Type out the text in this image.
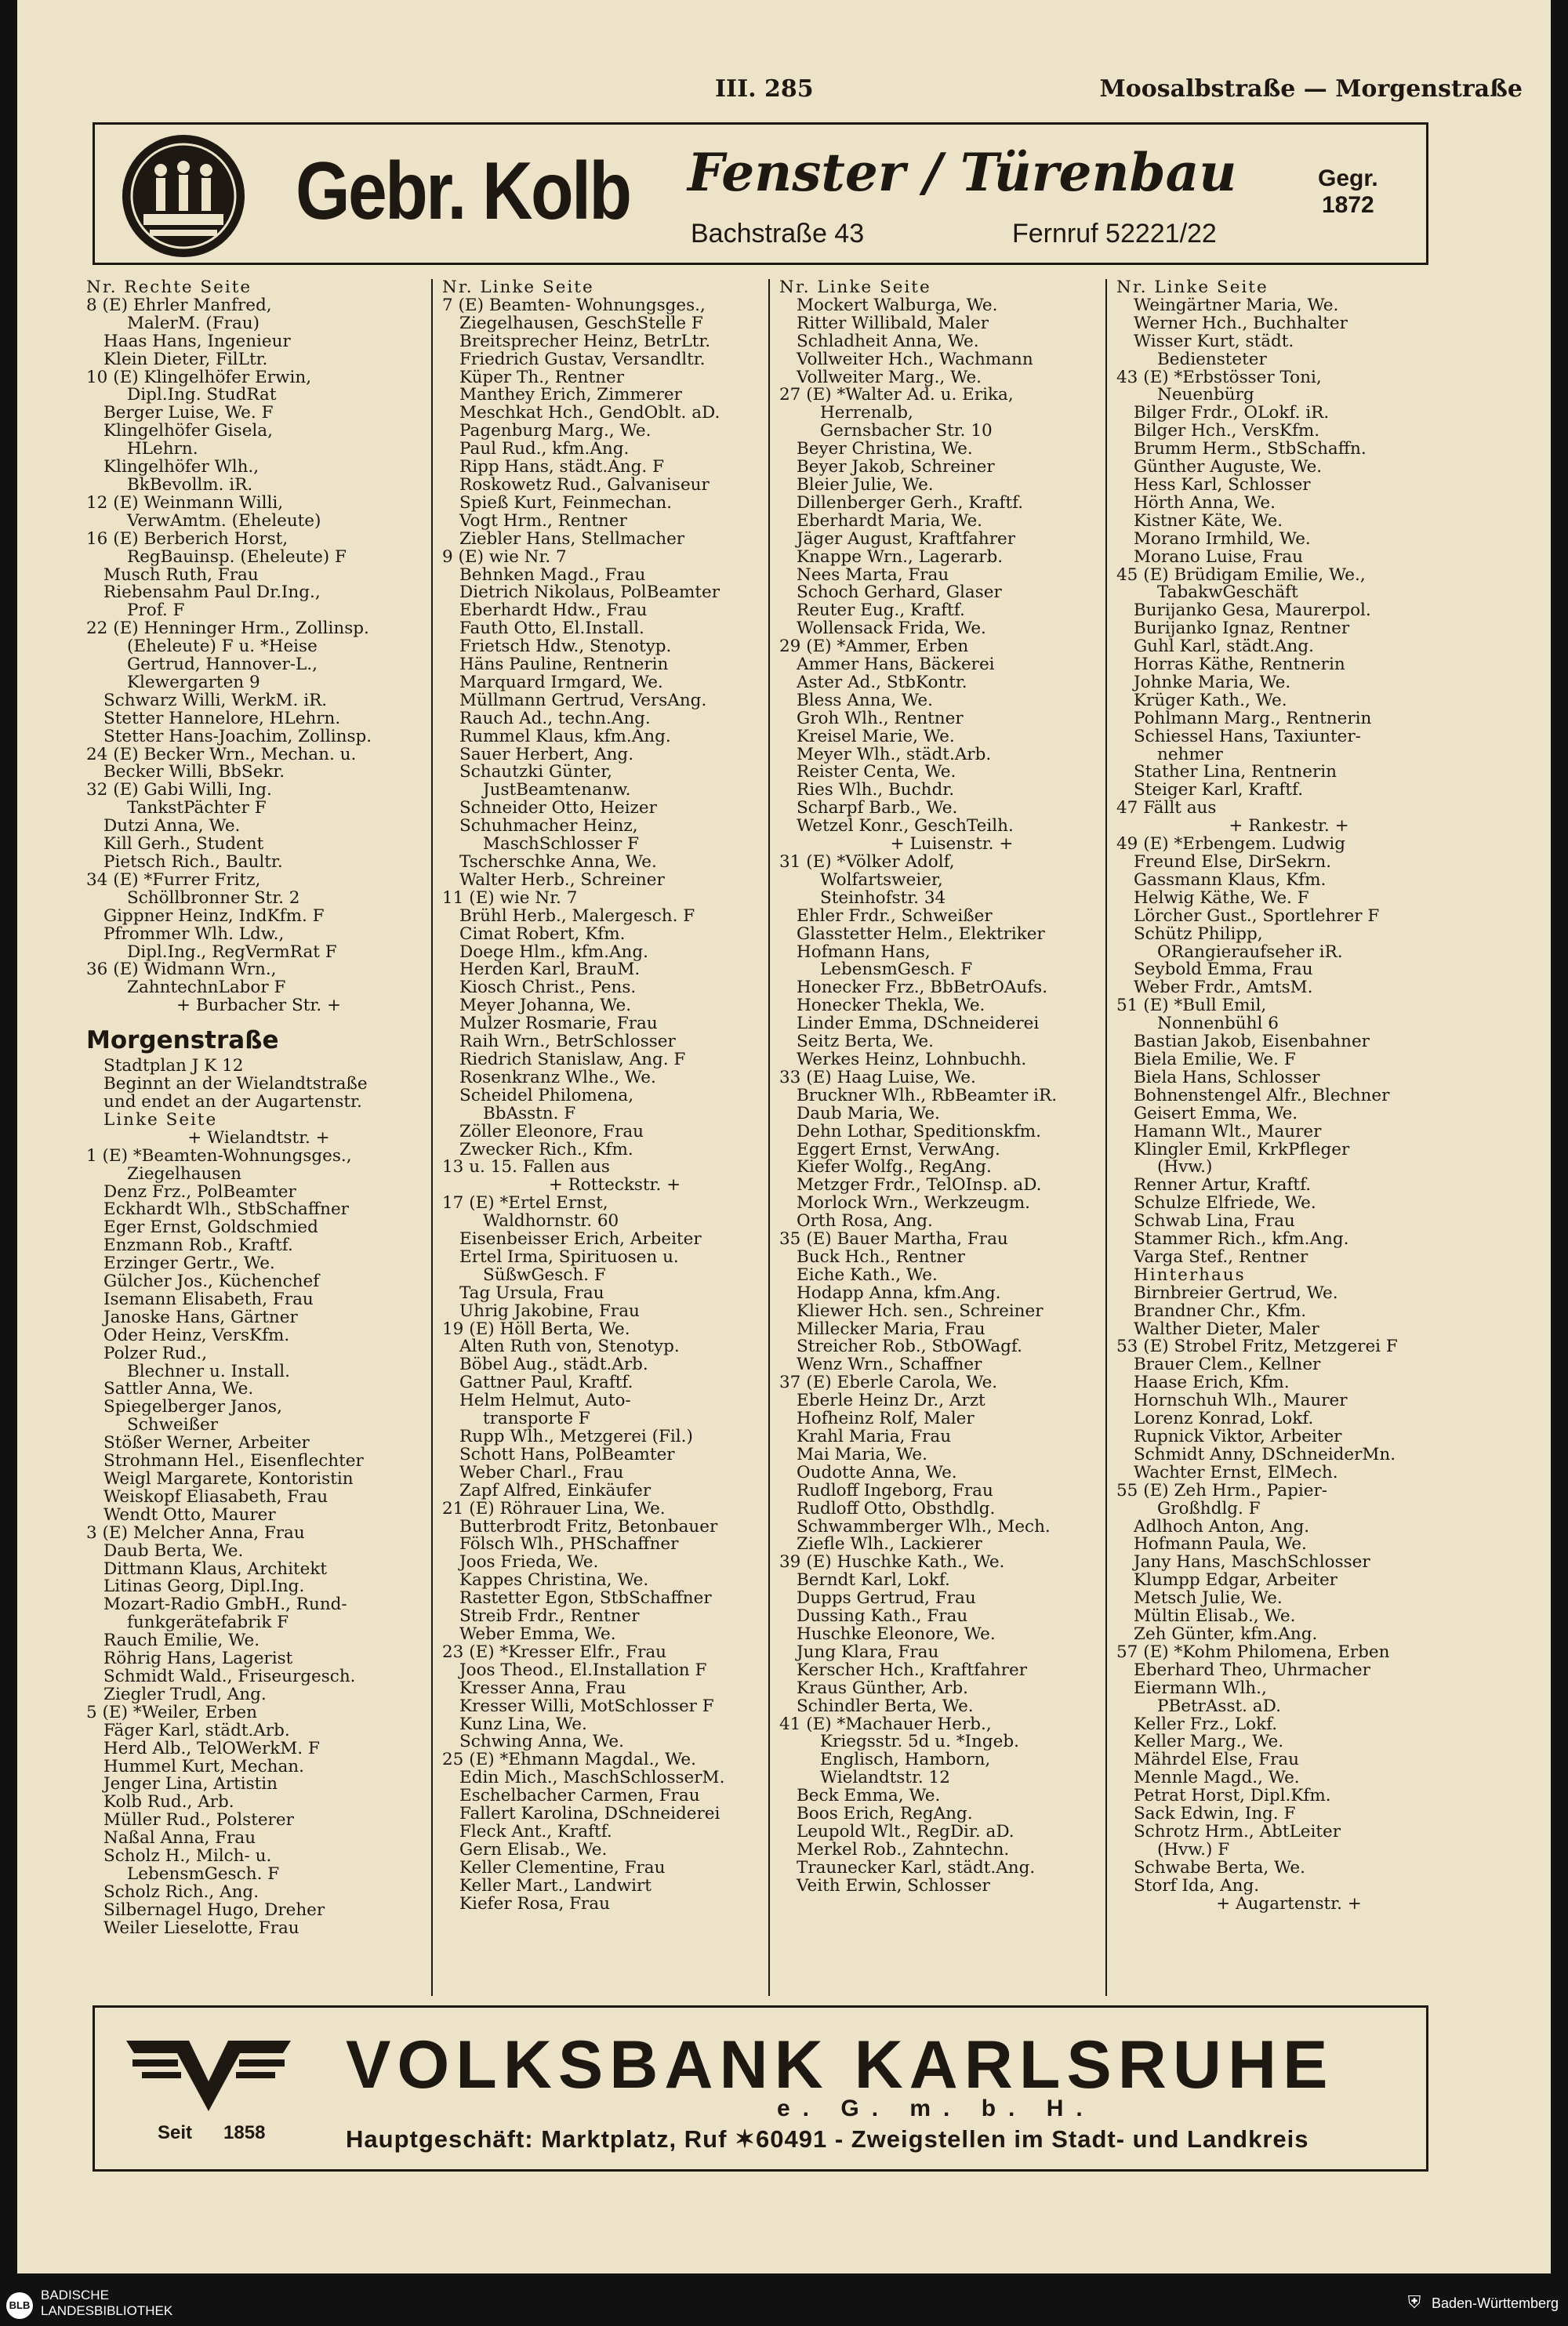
III. 285	Moosalbstraße — Morgenstraße
Gebr. Kolb Fenster / Türenbau
Bachstraße 43	Fernruf 52221/22
Gegr.
1872
Nr. Rechte Seite
8 (E) Ehrler Manfred,
MalerM. (Frau)
Haas Hans, Ingenieur
Klein Dieter, FilLtr.
10 (E) Klingelhöfer Erwin,
Dipl.Ing. StudRat
Berger Luise, We. F
Klingelhöfer Gisela,
HLehrn.
Klingelhöfer Wlh.,
BkBevollm. iR.
12 (E) Weinmann Willi,
VerwAmtm. (Eheleute)
16 (E) Berberich Horst,
RegBauinsp. (Eheleute) F
Musch Ruth, Frau
Riebensahm Paul Dr.Ing.,
Prof. F
22 (E) Henninger Hrm., Zollinsp.
(Eheleute) F u. *Heise
Gertrud, Hannover-L.,
Klewergarten 9
Schwarz Willi, WerkM. iR.
Stetter Hannelore, HLehrn.
Stetter Hans-Joachim, Zollinsp.
24 (E) Becker Wrn., Mechan. u.
Becker Willi, BbSekr.
32 (E) Gabi Willi, Ing.
TankstPächter F
Dutzi Anna, We.
Kill Gerh., Student
Pietsch Rich., Baultr.
34 (E) *Furrer Fritz,
Schöllbronner Str. 2
Gippner Heinz, IndKfm. F
Pfrommer Wlh. Ldw.,
Dipl.Ing., RegVermRat F
36 (E) Widmann Wrn.,
ZahntechnLabor F
+ Burbacher Str. +
Morgenstraße
Stadtplan J K 12
Beginnt an der Wielandtstraße
und endet an der Augartenstr.
Linke Seite
+ Wielandtstr. +
1 (E) *Beamten-Wohnungsges.,
Ziegelhausen
Denz Frz., PolBeamter
Eckhardt Wlh., StbSchaffner
Eger Ernst, Goldschmied
Enzmann Rob., Kraftf.
Erzinger Gertr., We.
Gülcher Jos., Küchenchef
Isemann Elisabeth, Frau
Janoske Hans, Gärtner
Oder Heinz, VersKfm.
Polzer Rud.,
Blechner u. Install.
Sattler Anna, We.
Spiegelberger Janos,
Schweißer
Stößer Werner, Arbeiter
Strohmann Hel., Eisenflechter
Weigl Margarete, Kontoristin
Weiskopf Eliasabeth, Frau
Wendt Otto, Maurer
3 (E) Melcher Anna, Frau
Daub Berta, We.
Dittmann Klaus, Architekt
Litinas Georg, Dipl.Ing.
Mozart-Radio GmbH., Rund-
funkgerätefabrik F
Rauch Emilie, We.
Röhrig Hans, Lagerist
Schmidt Wald., Friseurgesch.
Ziegler Trudl, Ang.
5 (E) *Weiler, Erben
Fäger Karl, städt.Arb.
Herd Alb., TelOWerkM. F
Hummel Kurt, Mechan.
Jenger Lina, Artistin
Kolb Rud., Arb.
Müller Rud., Polsterer
Naßal Anna, Frau
Scholz H., Milch- u.
LebensmGesch. F
Scholz Rich., Ang.
Silbernagel Hugo, Dreher
Weiler Lieselotte, Frau
Nr. Linke Seite
7 (E) Beamten- Wohnungsges.,
Ziegelhausen, GeschStelle F
Breitsprecher Heinz, BetrLtr.
Friedrich Gustav, Versandltr.
Küper Th., Rentner
Manthey Erich, Zimmerer
Meschkat Hch., GendOblt. aD.
Pagenburg Marg., We.
Paul Rud., kfm.Ang.
Ripp Hans, städt.Ang. F
Roskowetz Rud., Galvaniseur
Spieß Kurt, Feinmechan.
Vogt Hrm., Rentner
Ziebler Hans, Stellmacher
9 (E) wie Nr. 7
Behnken Magd., Frau
Dietrich Nikolaus, PolBeamter
Eberhardt Hdw., Frau
Fauth Otto, El.Install.
Frietsch Hdw., Stenotyp.
Häns Pauline, Rentnerin
Marquard Irmgard, We.
Müllmann Gertrud, VersAng.
Rauch Ad., techn.Ang.
Rummel Klaus, kfm.Ang.
Sauer Herbert, Ang.
Schautzki Günter,
JustBeamtenanw.
Schneider Otto, Heizer
Schuhmacher Heinz,
MaschSchlosser F
Tscherschke Anna, We.
Walter Herb., Schreiner
11 (E) wie Nr. 7
Brühl Herb., Malergesch. F
Cimat Robert, Kfm.
Doege Hlm., kfm.Ang.
Herden Karl, BrauM.
Kiosch Christ., Pens.
Meyer Johanna, We.
Mulzer Rosmarie, Frau
Raih Wrn., BetrSchlosser
Riedrich Stanislaw, Ang. F
Rosenkranz Wlhe., We.
Scheidel Philomena,
BbAsstn. F
Zöller Eleonore, Frau
Zwecker Rich., Kfm.
13 u. 15. Fallen aus
+ Rotteckstr. +
17 (E) *Ertel Ernst,
Waldhornstr. 60
Eisenbeisser Erich, Arbeiter
Ertel Irma, Spirituosen u.
SüßwGesch. F
Tag Ursula, Frau
Uhrig Jakobine, Frau
19 (E) Höll Berta, We.
Alten Ruth von, Stenotyp.
Böbel Aug., städt.Arb.
Gattner Paul, Kraftf.
Helm Helmut, Auto-
transporte F
Rupp Wlh., Metzgerei (Fil.)
Schott Hans, PolBeamter
Weber Charl., Frau
Zapf Alfred, Einkäufer
21 (E) Röhrauer Lina, We.
Butterbrodt Fritz, Betonbauer
Fölsch Wlh., PHSchaffner
Joos Frieda, We.
Kappes Christina, We.
Rastetter Egon, StbSchaffner
Streib Frdr., Rentner
Weber Emma, We.
23 (E) *Kresser Elfr., Frau
Joos Theod., El.Installation F
Kresser Anna, Frau
Kresser Willi, MotSchlosser F
Kunz Lina, We.
Schwing Anna, We.
25 (E) *Ehmann Magdal., We.
Edin Mich., MaschSchlosserM.
Eschelbacher Carmen, Frau
Fallert Karolina, DSchneiderei
Fleck Ant., Kraftf.
Gern Elisab., We.
Keller Clementine, Frau
Keller Mart., Landwirt
Kiefer Rosa, Frau
Nr. Linke Seite
Mockert Walburga, We.
Ritter Willibald, Maler
Schladheit Anna, We.
Vollweiter Hch., Wachmann
Vollweiter Marg., We.
27 (E) *Walter Ad. u. Erika,
Herrenalb,
Gernsbacher Str. 10
Beyer Christina, We.
Beyer Jakob, Schreiner
Bleier Julie, We.
Dillenberger Gerh., Kraftf.
Eberhardt Maria, We.
Jäger August, Kraftfahrer
Knappe Wrn., Lagerarb.
Nees Marta, Frau
Schoch Gerhard, Glaser
Reuter Eug., Kraftf.
Wollensack Frida, We.
29 (E) *Ammer, Erben
Ammer Hans, Bäckerei
Aster Ad., StbKontr.
Bless Anna, We.
Groh Wlh., Rentner
Kreisel Marie, We.
Meyer Wlh., städt.Arb.
Reister Centa, We.
Ries Wlh., Buchdr.
Scharpf Barb., We.
Wetzel Konr., GeschTeilh.
+ Luisenstr. +
31 (E) *Völker Adolf,
Wolfartsweier,
Steinhofstr. 34
Ehler Frdr., Schweißer
Glasstetter Helm., Elektriker
Hofmann Hans,
LebensmGesch. F
Honecker Frz., BbBetrOAufs.
Honecker Thekla, We.
Linder Emma, DSchneiderei
Seitz Berta, We.
Werkes Heinz, Lohnbuchh.
33 (E) Haag Luise, We.
Bruckner Wlh., RbBeamter iR.
Daub Maria, We.
Dehn Lothar, Speditionskfm.
Eggert Ernst, VerwAng.
Kiefer Wolfg., RegAng.
Metzger Frdr., TelOInsp. aD.
Morlock Wrn., Werkzeugm.
Orth Rosa, Ang.
35 (E) Bauer Martha, Frau
Buck Hch., Rentner
Eiche Kath., We.
Hodapp Anna, kfm.Ang.
Kliewer Hch. sen., Schreiner
Millecker Maria, Frau
Streicher Rob., StbOWagf.
Wenz Wrn., Schaffner
37 (E) Eberle Carola, We.
Eberle Heinz Dr., Arzt
Hofheinz Rolf, Maler
Krahl Maria, Frau
Mai Maria, We.
Oudotte Anna, We.
Rudloff Ingeborg, Frau
Rudloff Otto, Obsthdlg.
Schwammberger Wlh., Mech.
Ziefle Wlh., Lackierer
39 (E) Huschke Kath., We.
Berndt Karl, Lokf.
Dupps Gertrud, Frau
Dussing Kath., Frau
Huschke Eleonore, We.
Jung Klara, Frau
Kerscher Hch., Kraftfahrer
Kraus Günther, Arb.
Schindler Berta, We.
41 (E) *Machauer Herb.,
Kriegsstr. 5d u. *Ingeb.
Englisch, Hamborn,
Wielandtstr. 12
Beck Emma, We.
Boos Erich, RegAng.
Leupold Wlt., RegDir. aD.
Merkel Rob., Zahntechn.
Traunecker Karl, städt.Ang.
Veith Erwin, Schlosser
Nr. Linke Seite
Weingärtner Maria, We.
Werner Hch., Buchhalter
Wisser Kurt, städt.
Bediensteter
43 (E) *Erbstösser Toni,
Neuenbürg
Bilger Frdr., OLokf. iR.
Bilger Hch., VersKfm.
Brumm Herm., StbSchaffn.
Günther Auguste, We.
Hess Karl, Schlosser
Hörth Anna, We.
Kistner Käte, We.
Morano Irmhild, We.
Morano Luise, Frau
45 (E) Brüdigam Emilie, We.,
TabakwGeschäft
Burijanko Gesa, Maurerpol.
Burijanko Ignaz, Rentner
Guhl Karl, städt.Ang.
Horras Käthe, Rentnerin
Johnke Maria, We.
Krüger Kath., We.
Pohlmann Marg., Rentnerin
Schiessel Hans, Taxiunter-
nehmer
Stather Lina, Rentnerin
Steiger Karl, Kraftf.
47 Fällt aus
+ Rankestr. +
49 (E) *Erbengem. Ludwig
Freund Else, DirSekrn.
Gassmann Klaus, Kfm.
Helwig Käthe, We. F
Lörcher Gust., Sportlehrer F
Schütz Philipp,
ORangieraufseher iR.
Seybold Emma, Frau
Weber Frdr., AmtsM.
51 (E) *Bull Emil,
Nonnenbühl 6
Bastian Jakob, Eisenbahner
Biela Emilie, We. F
Biela Hans, Schlosser
Bohnenstengel Alfr., Blechner
Geisert Emma, We.
Hamann Wlt., Maurer
Klingler Emil, KrkPfleger
(Hvw.)
Renner Artur, Kraftf.
Schulze Elfriede, We.
Schwab Lina, Frau
Stammer Rich., kfm.Ang.
Varga Stef., Rentner
Hinterhaus
Birnbreier Gertrud, We.
Brandner Chr., Kfm.
Walther Dieter, Maler
53 (E) Strobel Fritz, Metzgerei F
Brauer Clem., Kellner
Haase Erich, Kfm.
Hornschuh Wlh., Maurer
Lorenz Konrad, Lokf.
Rupnick Viktor, Arbeiter
Schmidt Anny, DSchneiderMn.
Wachter Ernst, ElMech.
55 (E) Zeh Hrm., Papier-
Großhdlg. F
Adlhoch Anton, Ang.
Hofmann Paula, We.
Jany Hans, MaschSchlosser
Klumpp Edgar, Arbeiter
Metsch Julie, We.
Mültin Elisab., We.
Zeh Günter, kfm.Ang.
57 (E) *Kohm Philomena, Erben
Eberhard Theo, Uhrmacher
Eiermann Wlh.,
PBetrAsst. aD.
Keller Frz., Lokf.
Keller Marg., We.
Mährdel Else, Frau
Mennle Magd., We.
Petrat Horst, Dipl.Kfm.
Sack Edwin, Ing. F
Schrotz Hrm., AbtLeiter
(Hvw.) F
Schwabe Berta, We.
Storf Ida, Ang.
+ Augartenstr. +
Seit 1858
VOLKSBANK KARLSRUHE
e. G. m. b. H.
Hauptgeschäft: Marktplatz, Ruf ✶60491 - Zweigstellen im Stadt- und Landkreis
BLB
BADISCHE
LANDESBIBLIOTHEK	⛨ Baden-Württemberg
